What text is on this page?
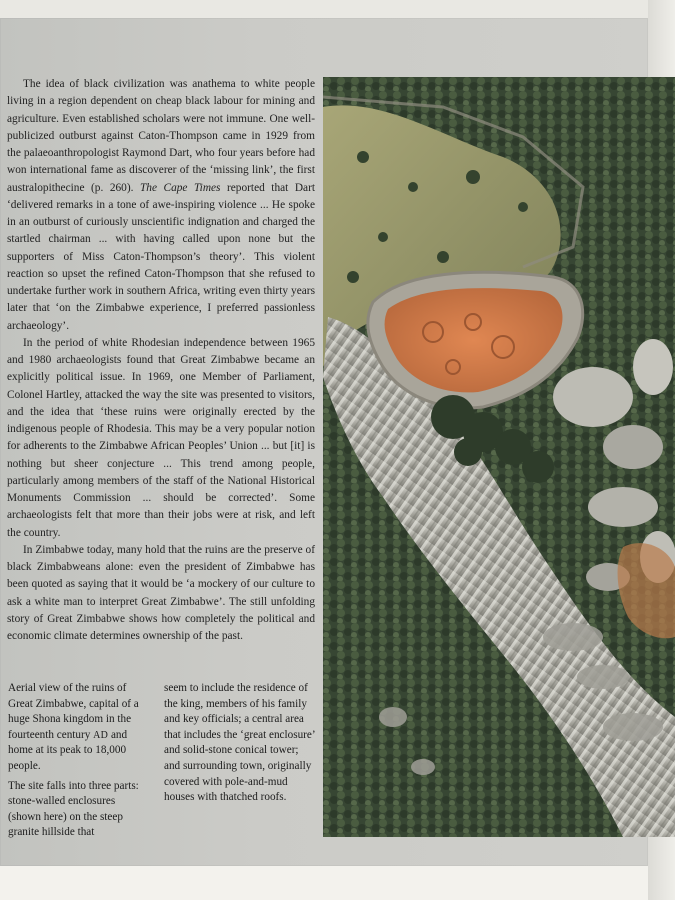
The idea of black civilization was anathema to white people living in a region dependent on cheap black labour for mining and agriculture. Even established scholars were not immune. One well-publicized outburst against Caton-Thompson came in 1929 from the palaeoanthropologist Raymond Dart, who four years before had won international fame as discoverer of the ‘missing link’, the first australopithecine (p. 260). The Cape Times reported that Dart ‘delivered remarks in a tone of awe-inspiring violence ... He spoke in an outburst of curiously unscientific indignation and charged the startled chairman ... with having called upon none but the supporters of Miss Caton-Thompson’s theory’. This violent reaction so upset the refined Caton-Thompson that she refused to undertake further work in southern Africa, writing even thirty years later that ‘on the Zimbabwe experience, I preferred passionless archaeology’.

In the period of white Rhodesian independence between 1965 and 1980 archaeologists found that Great Zimbabwe became an explicitly political issue. In 1969, one Member of Parliament, Colonel Hartley, attacked the way the site was presented to visitors, and the idea that ‘these ruins were originally erected by the indigenous people of Rhodesia. This may be a very popular notion for adherents to the Zimbabwe African Peoples’ Union ... but [it] is nothing but sheer conjecture ... This trend among people, particularly among members of the staff of the National Historical Monuments Commission ... should be corrected’. Some archaeologists felt that more than their jobs were at risk, and left the country.

In Zimbabwe today, many hold that the ruins are the preserve of black Zimbabweans alone: even the president of Zimbabwe has been quoted as saying that it would be ‘a mockery of our culture to ask a white man to interpret Great Zimbabwe’. The still unfolding story of Great Zimbabwe shows how completely the political and economic climate determines ownership of the past.

Aerial view of the ruins of Great Zimbabwe, capital of a huge Shona kingdom in the fourteenth century AD and home at its peak to 18,000 people.

The site falls into three parts: stone-walled enclosures (shown here) on the steep granite hillside that

seem to include the residence of the king, members of his family and key officials; a central area that includes the ‘great enclosure’ and solid-stone conical tower; and surrounding town, originally covered with pole-and-mud houses with thatched roofs.
